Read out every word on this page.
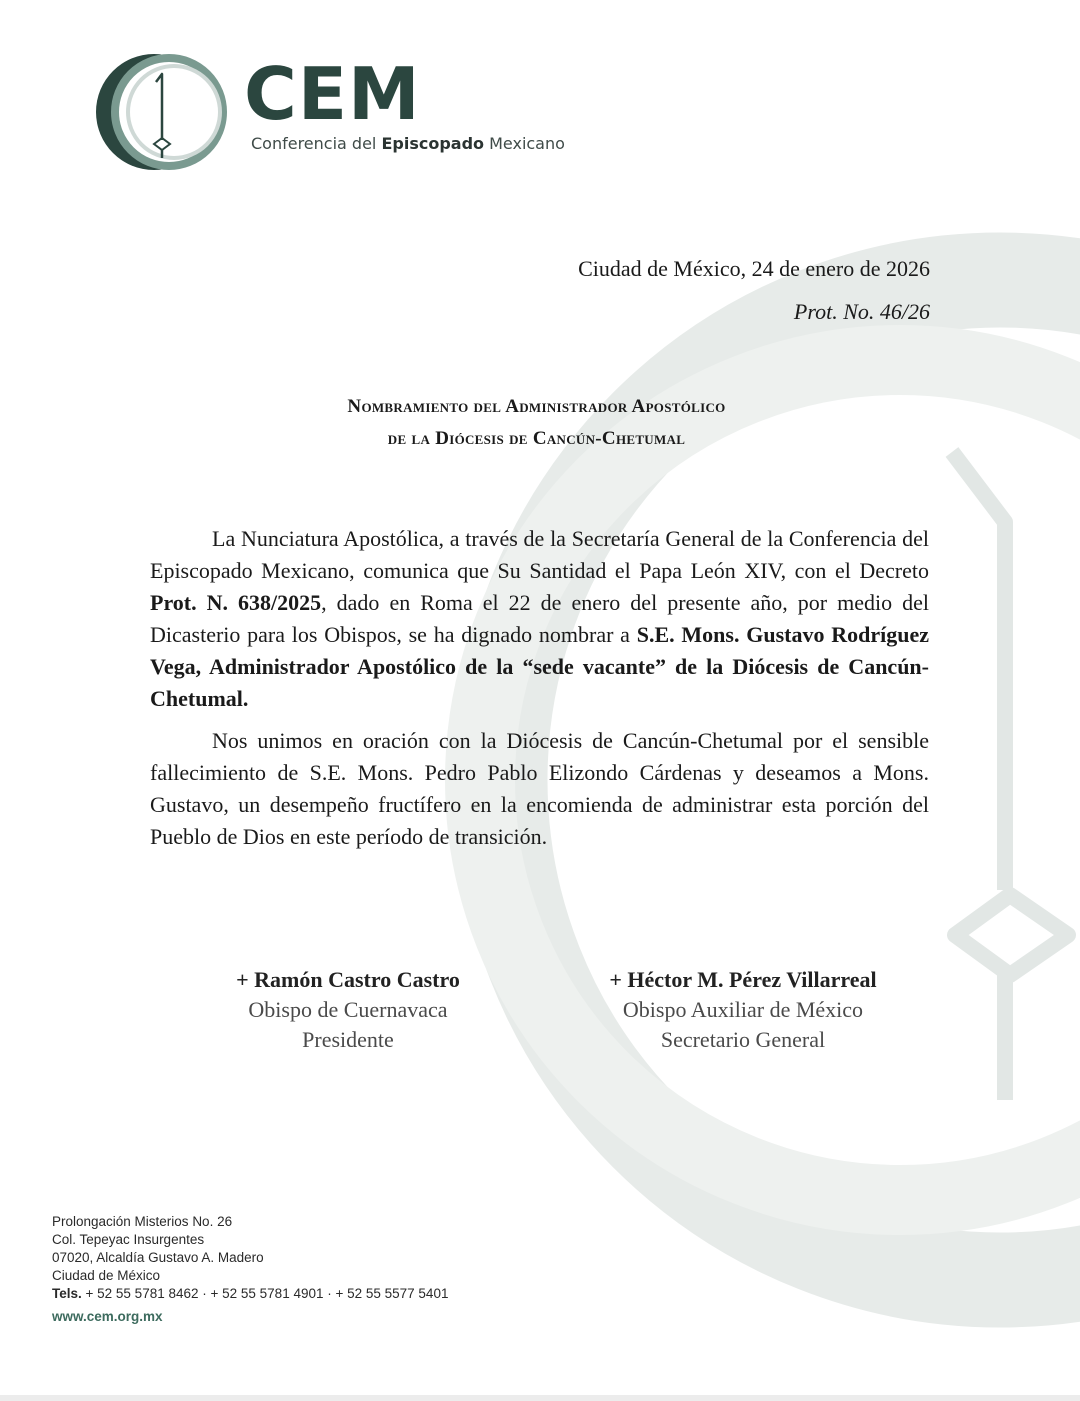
CEM
Conferencia del Episcopado Mexicano
Ciudad de México, 24 de enero de 2026
Prot. No. 46/26
Nombramiento del Administrador Apostólico
de la Diócesis de Cancún-Chetumal

La Nunciatura Apostólica, a través de la Secretaría General de la Conferencia del Episcopado Mexicano, comunica que Su Santidad el Papa León XIV, con el Decreto Prot. N. 638/2025, dado en Roma el 22 de enero del presente año, por medio del Dicasterio para los Obispos, se ha dignado nombrar a S.E. Mons. Gustavo Rodríguez Vega, Administrador Apostólico de la “sede vacante” de la Diócesis de Cancún-Chetumal.

Nos unimos en oración con la Diócesis de Cancún-Chetumal por el sensible fallecimiento de S.E. Mons. Pedro Pablo Elizondo Cárdenas y deseamos a Mons. Gustavo, un desempeño fructífero en la encomienda de administrar esta porción del Pueblo de Dios en este período de transición.

+ Ramón Castro Castro
Obispo de Cuernavaca
Presidente
+ Héctor M. Pérez Villarreal
Obispo Auxiliar de México
Secretario General
Prolongación Misterios No. 26
Col. Tepeyac Insurgentes
07020, Alcaldía Gustavo A. Madero
Ciudad de México
Tels. + 52 55 5781 8462 · + 52 55 5781 4901 · + 52 55 5577 5401
www.cem.org.mx
